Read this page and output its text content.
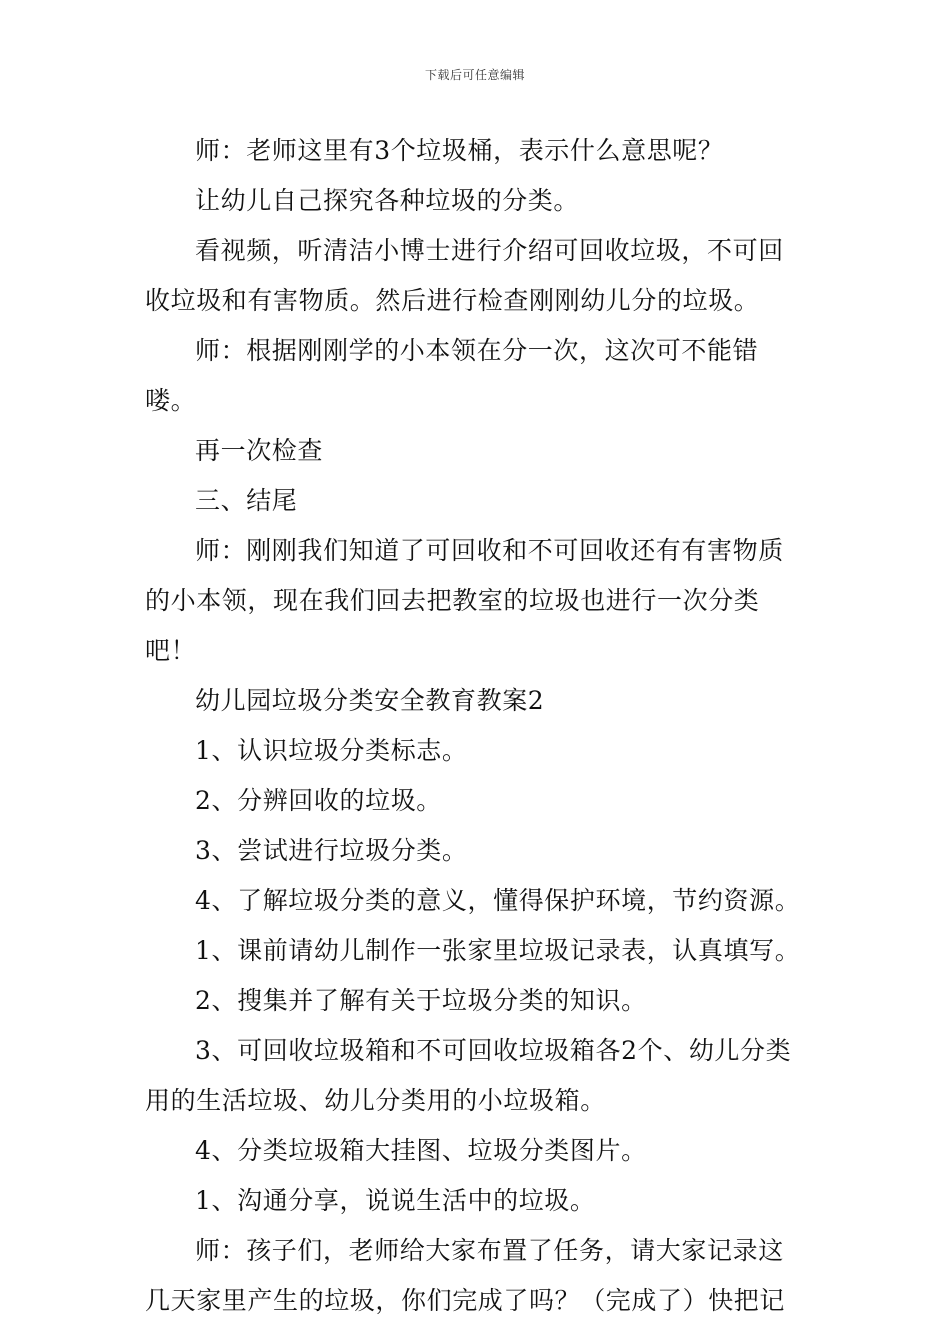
下载后可任意编辑

师：老师这里有3个垃圾桶，表示什么意思呢？

让幼儿自己探究各种垃圾的分类。

看视频，听清洁小博士进行介绍可回收垃圾，不可回收垃圾和有害物质。然后进行检查刚刚幼儿分的垃圾。

师：根据刚刚学的小本领在分一次，这次可不能错喽。

再一次检查

三、结尾

师：刚刚我们知道了可回收和不可回收还有有害物质的小本领，现在我们回去把教室的垃圾也进行一次分类吧！

幼儿园垃圾分类安全教育教案2

1、认识垃圾分类标志。

2、分辨回收的垃圾。

3、尝试进行垃圾分类。

4、了解垃圾分类的意义，懂得保护环境，节约资源。

1、课前请幼儿制作一张家里垃圾记录表，认真填写。

2、搜集并了解有关于垃圾分类的知识。

3、可回收垃圾箱和不可回收垃圾箱各2个、幼儿分类用的生活垃圾、幼儿分类用的小垃圾箱。

4、分类垃圾箱大挂图、垃圾分类图片。

1、沟通分享，说说生活中的垃圾。

师：孩子们，老师给大家布置了任务，请大家记录这几天家里产生的垃圾，你们完成了吗？（完成了）快把记
